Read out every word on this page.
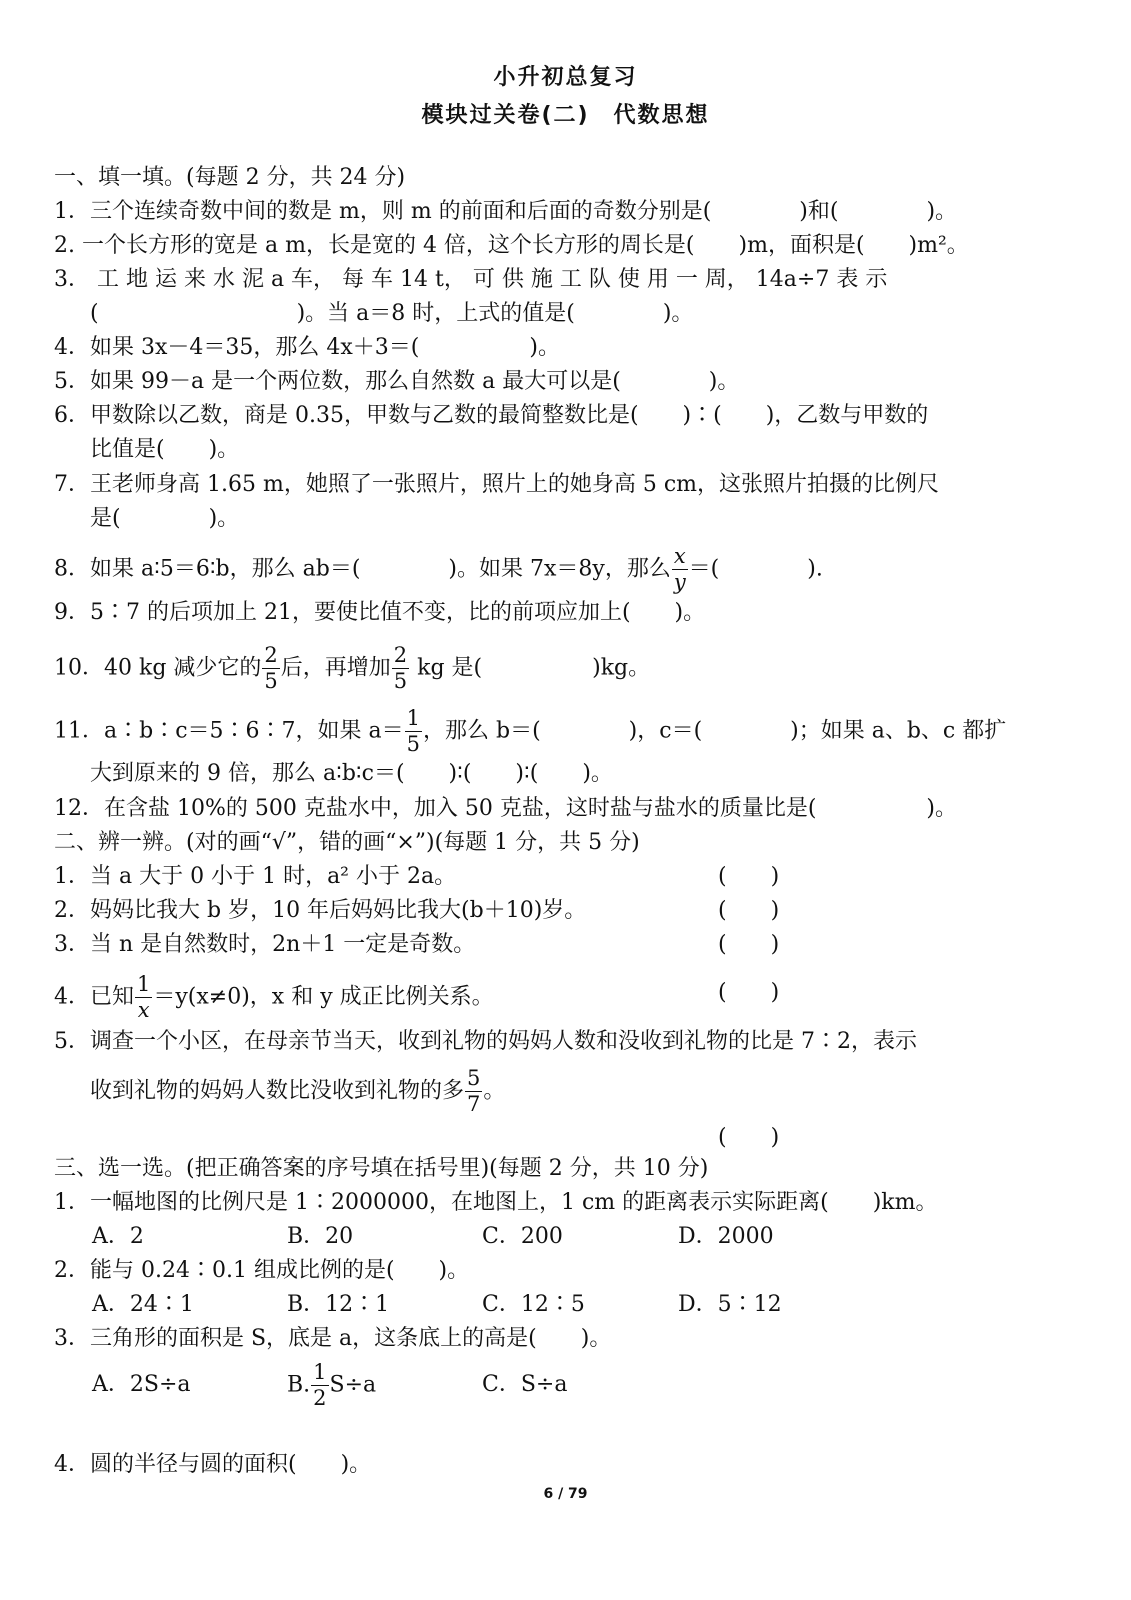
小升初总复习
模块过关卷(二)　代数思想
一、填一填。(每题 2 分，共 24 分)
1．三个连续奇数中间的数是 m，则 m 的前面和后面的奇数分别是(　　　　)和(　　　　)。
2. 一个长方形的宽是 a m，长是宽的 4 倍，这个长方形的周长是(　　)m，面积是(　　)m²。
3． 工 地 运 来 水 泥 a 车， 每 车 14 t， 可 供 施 工 队 使 用 一 周， 14a÷7 表 示
(　　　　　　　　　)。当 a＝8 时，上式的值是(　　　　)。
4．如果 3x－4＝35，那么 4x＋3＝(　　　　　)。
5．如果 99－a 是一个两位数，那么自然数 a 最大可以是(　　　　)。
6．甲数除以乙数，商是 0.35，甲数与乙数的最简整数比是(　　)∶(　　)，乙数与甲数的
比值是(　　)。
7．王老师身高 1.65 m，她照了一张照片，照片上的她身高 5 cm，这张照片拍摄的比例尺
是(　　　　)。
8．如果 a∶5＝6∶b，那么 ab＝(　　　　)。如果 7x＝8y，那么 $\frac{x}{y}$ ＝(　　　　).
9．5∶7 的后项加上 21，要使比值不变，比的前项应加上(　　)。
10．40 kg 减少它的 $\frac{2}{5}$ 后，再增加 $\frac{2}{5}$ kg 是(　　　　　)kg。
11．a∶b∶c＝5∶6∶7，如果 $a= \frac{1}{5}$ ，那么 b＝(　　　　)，c＝(　　　　)；如果 a、b、c 都扩
大到原来的 9 倍，那么 a∶b∶c＝(　　)∶(　　)∶(　　)。
12．在含盐 10%的 500 克盐水中，加入 50 克盐，这时盐与盐水的质量比是(　　　　　)。
二、辨一辨。(对的画“√”，错的画“×”)(每题 1 分，共 5 分)
1．当 a 大于 0 小于 1 时，a² 小于 2a。	(　　)
2．妈妈比我大 b 岁，10 年后妈妈比我大(b＋10)岁。	(　　)
3．当 n 是自然数时，2n＋1 一定是奇数。	(　　)
4．已知 $\frac{1}{x} =y(x\ne 0)$，x 和 y 成正比例关系。	(　　)
5．调查一个小区，在母亲节当天，收到礼物的妈妈人数和没收到礼物的比是 7∶2，表示
收到礼物的妈妈人数比没收到礼物的多 $\frac{5}{7}$ 。
(　　)
三、选一选。(把正确答案的序号填在括号里)(每题 2 分，共 10 分)
1．一幅地图的比例尺是 1∶2000000，在地图上，1 cm 的距离表示实际距离(　　)km。
A．2	B．20	C．200	D．2000
2．能与 0.24∶0.1 组成比例的是(　　)。
A．24∶1	B．12∶1	C．12∶5	D．5∶12
3．三角形的面积是 S，底是 a，这条底上的高是(　　)。
A．2S÷a	B. $\frac{1}{2} S\div a$	C．S÷a
4．圆的半径与圆的面积(　　)。
6 / 79
